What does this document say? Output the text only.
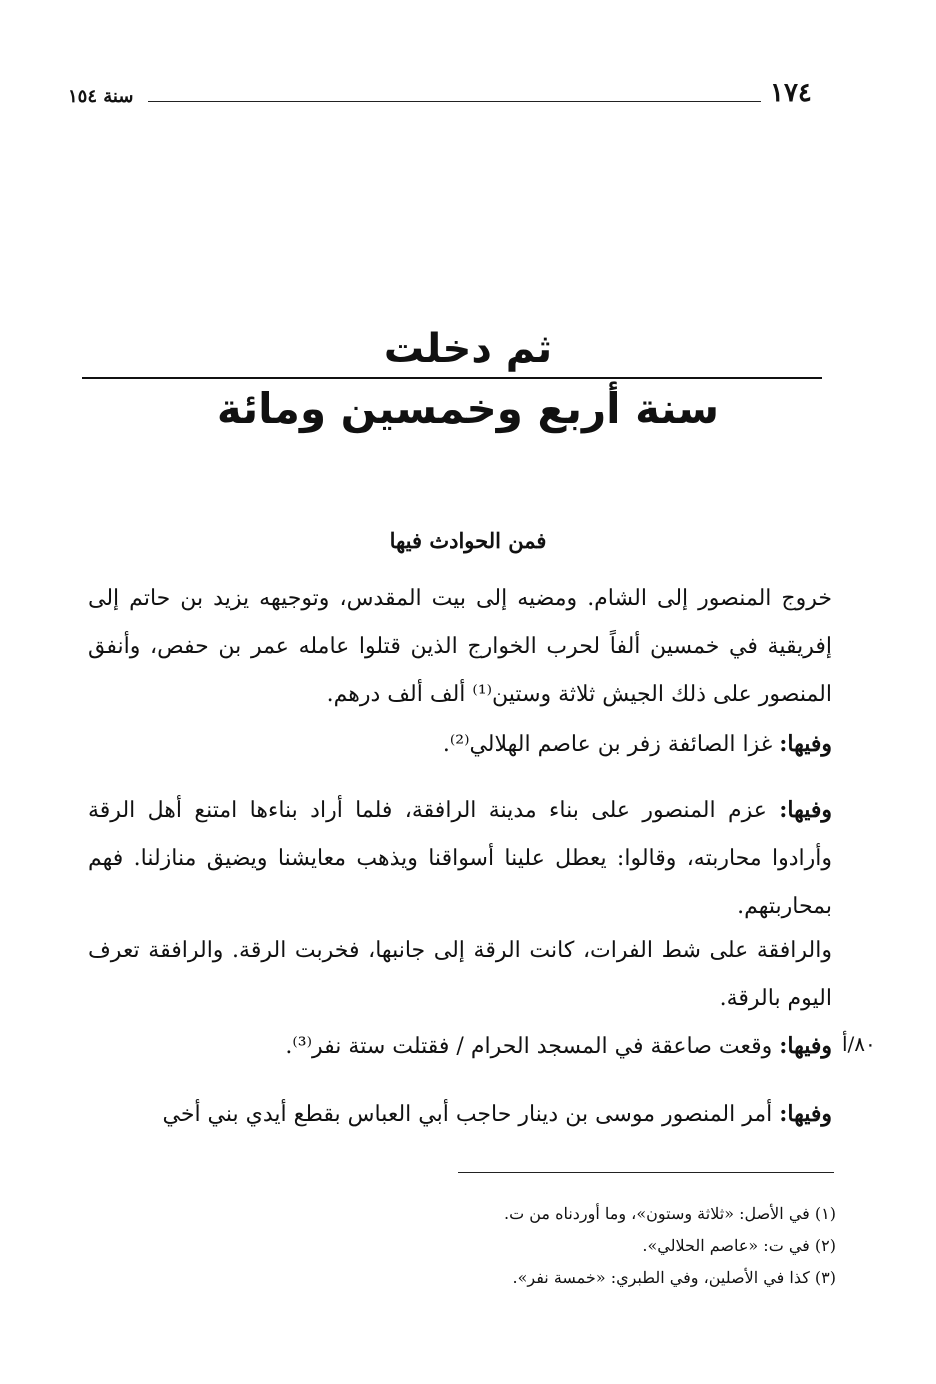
١٧٤
سنة ١٥٤
ثم دخلت
سنة أربع وخمسين ومائة
فمن الحوادث فيها

خروج المنصور إلى الشام. ومضيه إلى بيت المقدس، وتوجيهه يزيد بن حاتم إلى إفريقية في خمسين ألفاً لحرب الخوارج الذين قتلوا عامله عمر بن حفص، وأنفق المنصور على ذلك الجيش ثلاثة وستين⁽¹⁾ ألف ألف درهم.

وفيها: غزا الصائفة زفر بن عاصم الهلالي⁽²⁾.

وفيها: عزم المنصور على بناء مدينة الرافقة، فلما أراد بناءها امتنع أهل الرقة وأرادوا محاربته، وقالوا: يعطل علينا أسواقنا ويذهب معايشنا ويضيق منازلنا. فهم بمحاربتهم.

والرافقة على شط الفرات، كانت الرقة إلى جانبها، فخربت الرقة. والرافقة تعرف اليوم بالرقة.

وفيها: وقعت صاعقة في المسجد الحرام / فقتلت ستة نفر⁽³⁾.	٨٠/أ

وفيها: أمر المنصور موسى بن دينار حاجب أبي العباس بقطع أيدي بني أخي

(١) في الأصل: «ثلاثة وستون»، وما أوردناه من ت.
(٢) في ت: «عاصم الحلالي».
(٣) كذا في الأصلين، وفي الطبري: «خمسة نفر».
